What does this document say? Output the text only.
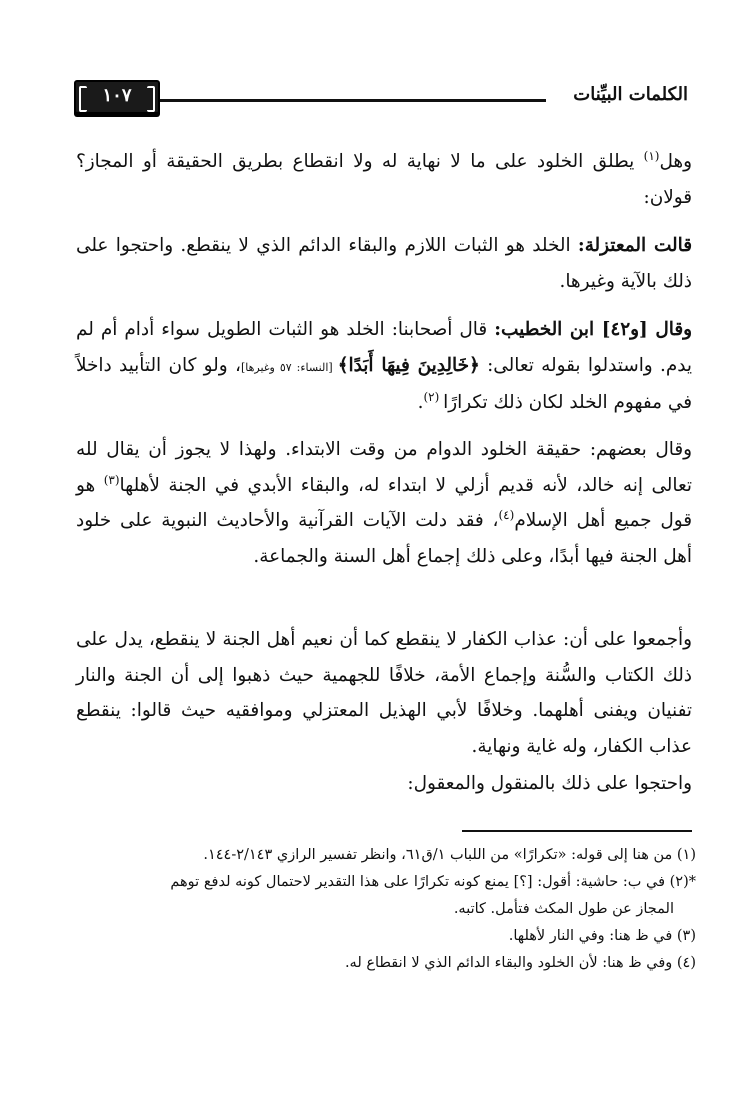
الكلمات البيِّنات
١٠٧

وهل$^{(١)}$ يطلق الخلود على ما لا نهاية له ولا انقطاع بطريق الحقيقة أو المجاز؟ قولان:

قالت المعتزلة: الخلد هو الثبات اللازم والبقاء الدائم الذي لا ينقطع. واحتجوا على ذلك بالآية وغيرها.

وقال [و٤٢] ابن الخطيب: قال أصحابنا: الخلد هو الثبات الطويل سواء أدام أم لم يدم. واستدلوا بقوله تعالى: ﴿خَالِدِينَ فِيهَا أَبَدًا﴾ [النساء: ٥٧ وغيرها]، ولو كان التأبيد داخلاً في مفهوم الخلد لكان ذلك تكرارًا $^{(٢)}$.

وقال بعضهم: حقيقة الخلود الدوام من وقت الابتداء. ولهذا لا يجوز أن يقال لله تعالى إنه خالد، لأنه قديم أزلي لا ابتداء له، والبقاء الأبدي في الجنة لأهلها$^{(٣)}$ هو قول جميع أهل الإسلام$^{(٤)}$، فقد دلت الآيات القرآنية والأحاديث النبوية على خلود أهل الجنة فيها أبدًا، وعلى ذلك إجماع أهل السنة والجماعة.

وأجمعوا على أن: عذاب الكفار لا ينقطع كما أن نعيم أهل الجنة لا ينقطع، يدل على ذلك الكتاب والسُّنة وإجماع الأمة، خلافًا للجهمية حيث ذهبوا إلى أن الجنة والنار تفنيان ويفنى أهلهما. وخلافًا لأبي الهذيل المعتزلي وموافقيه حيث قالوا: ينقطع عذاب الكفار، وله غاية ونهاية.

واحتجوا على ذلك بالمنقول والمعقول:

(١) من هنا إلى قوله: «تكرارًا» من اللباب ١/ق٦١، وانظر تفسير الرازي ٢/١٤٣-١٤٤.

*(٢) في ب: حاشية: أقول: [؟] يمنع كونه تكرارًا على هذا التقدير لاحتمال كونه لدفع توهم

المجاز عن طول المكث فتأمل. كاتبه.

(٣) في ظ هنا: وفي النار لأهلها.

(٤) وفي ظ هنا: لأن الخلود والبقاء الدائم الذي لا انقطاع له.
